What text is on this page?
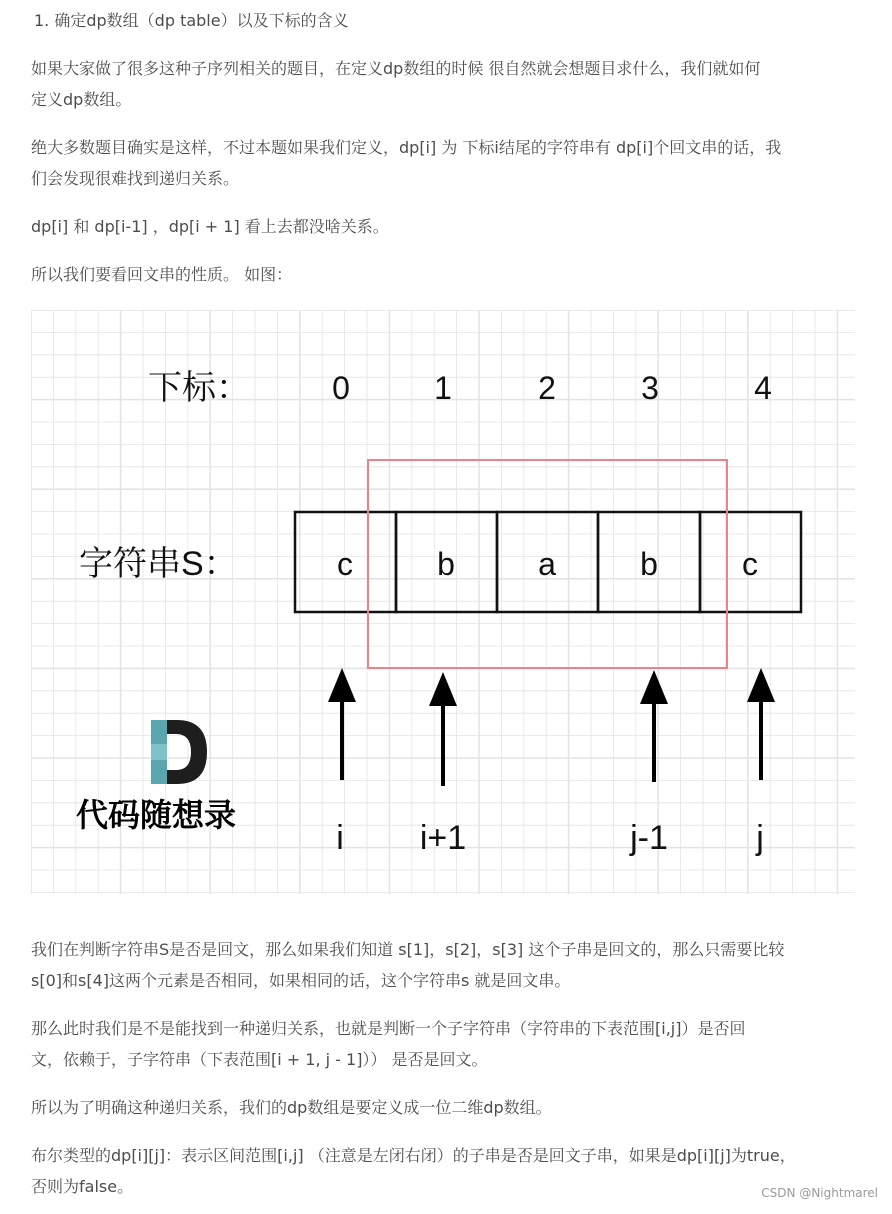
1. 确定dp数组（dp table）以及下标的含义
如果大家做了很多这种子序列相关的题目，在定义dp数组的时候 很自然就会想题目求什么，我们就如何
定义dp数组。
绝大多数题目确实是这样，不过本题如果我们定义，dp[i] 为 下标i结尾的字符串有 dp[i]个回文串的话，我
们会发现很难找到递归关系。
dp[i] 和 dp[i-1] ，dp[i + 1] 看上去都没啥关系。
所以我们要看回文串的性质。 如图：
下标：
字符串S：
0	1	2	3	4
c	b	a	b	c
i i+1	j-1	j
代码随想录
我们在判断字符串S是否是回文，那么如果我们知道 s[1]，s[2]，s[3] 这个子串是回文的，那么只需要比较
s[0]和s[4]这两个元素是否相同，如果相同的话，这个字符串s 就是回文串。
那么此时我们是不是能找到一种递归关系，也就是判断一个子字符串（字符串的下表范围[i,j]）是否回
文，依赖于，子字符串（下表范围[i + 1, j - 1]）） 是否是回文。
所以为了明确这种递归关系，我们的dp数组是要定义成一位二维dp数组。
布尔类型的dp[i][j]：表示区间范围[i,j] （注意是左闭右闭）的子串是否是回文子串，如果是dp[i][j]为true，
否则为false。	CSDN @Nightmarel
